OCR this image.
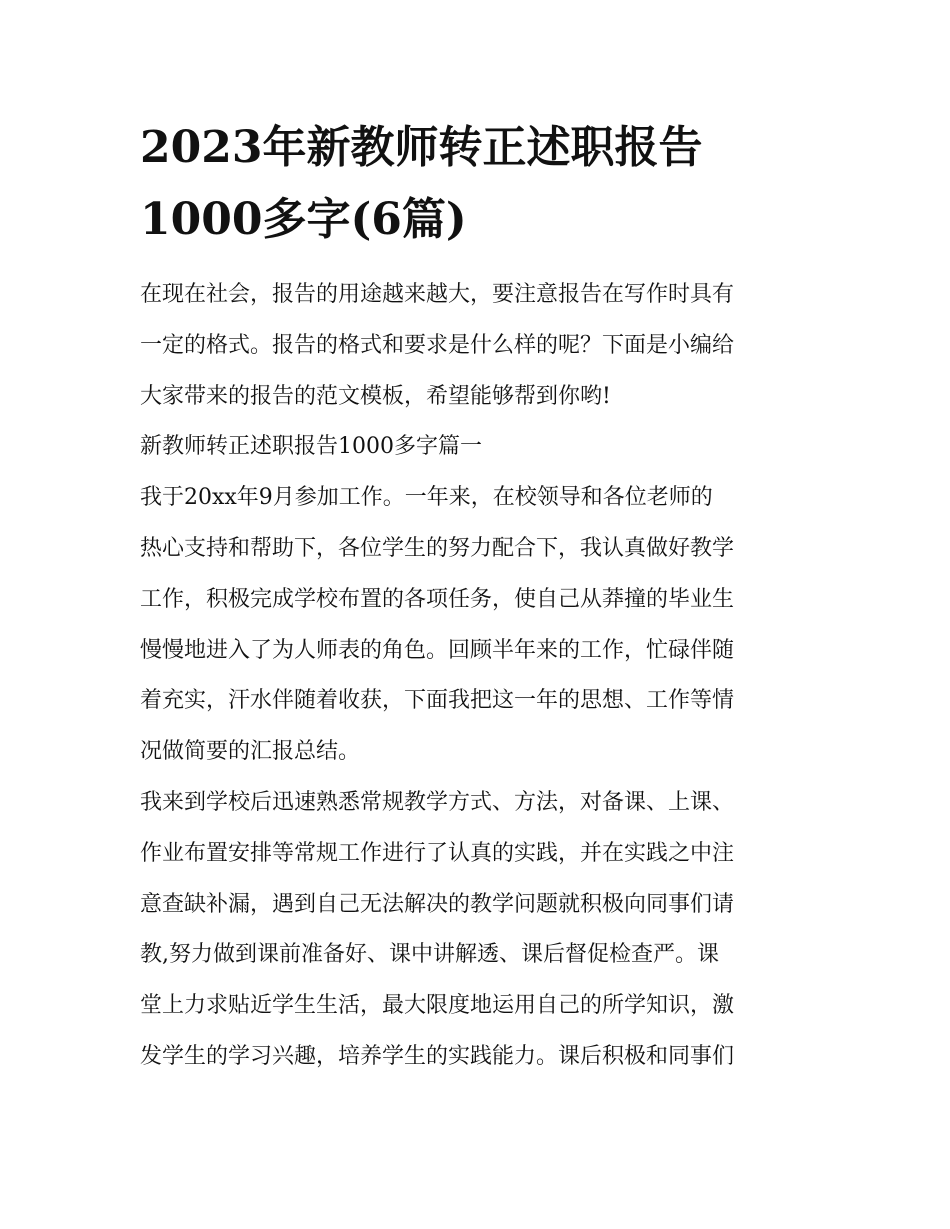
2023年新教师转正述职报告
1000多字(6篇)

在现在社会，报告的用途越来越大，要注意报告在写作时具有
一定的格式。报告的格式和要求是什么样的呢？下面是小编给
大家带来的报告的范文模板，希望能够帮到你哟!

新教师转正述职报告1000多字篇一

我于20xx年9月参加工作。一年来，在校领导和各位老师的
热心支持和帮助下，各位学生的努力配合下，我认真做好教学
工作，积极完成学校布置的各项任务，使自己从莽撞的毕业生
慢慢地进入了为人师表的角色。回顾半年来的工作，忙碌伴随
着充实，汗水伴随着收获，下面我把这一年的思想、工作等情
况做简要的汇报总结。

我来到学校后迅速熟悉常规教学方式、方法，对备课、上课、
作业布置安排等常规工作进行了认真的实践，并在实践之中注
意查缺补漏，遇到自己无法解决的教学问题就积极向同事们请
教,努力做到课前准备好、课中讲解透、课后督促检查严。课
堂上力求贴近学生生活，最大限度地运用自己的所学知识，激
发学生的学习兴趣，培养学生的实践能力。课后积极和同事们
